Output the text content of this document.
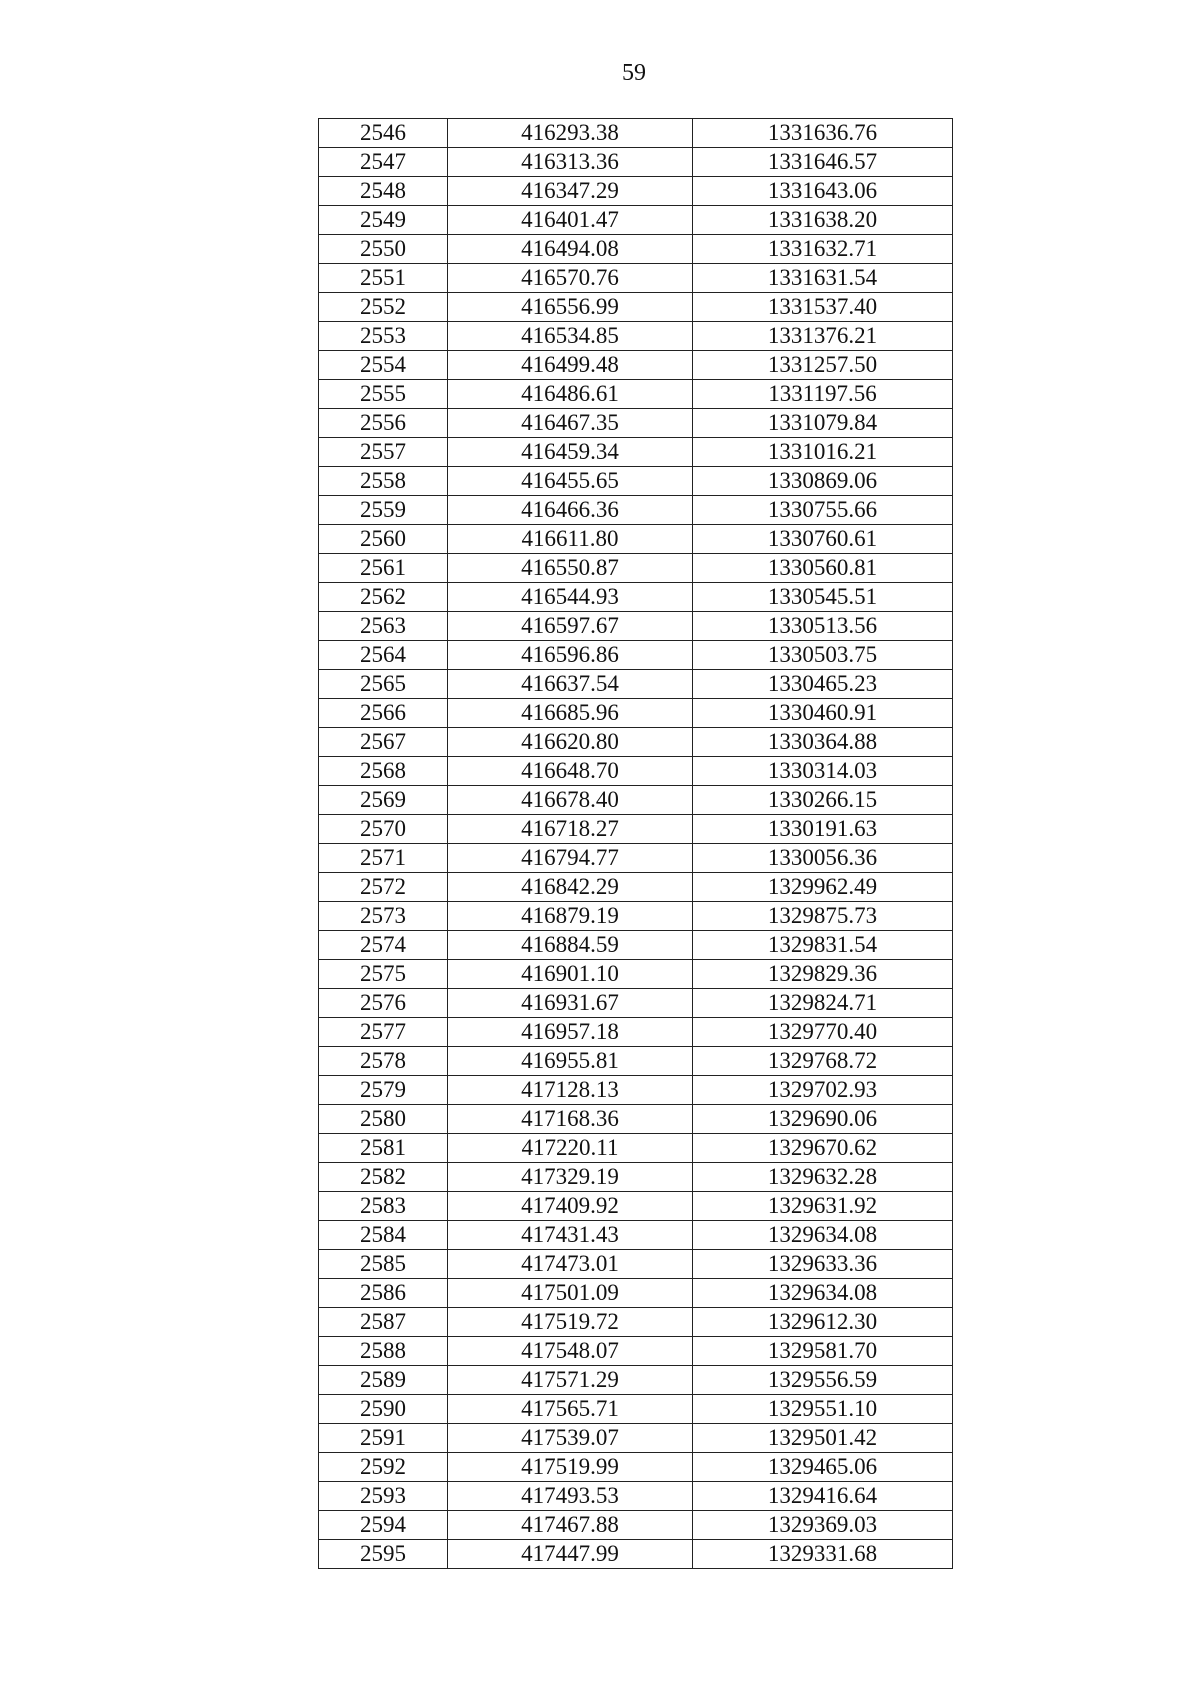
59
2546	416293.38	1331636.76
2547	416313.36	1331646.57
2548	416347.29	1331643.06
2549	416401.47	1331638.20
2550	416494.08	1331632.71
2551	416570.76	1331631.54
2552	416556.99	1331537.40
2553	416534.85	1331376.21
2554	416499.48	1331257.50
2555	416486.61	1331197.56
2556	416467.35	1331079.84
2557	416459.34	1331016.21
2558	416455.65	1330869.06
2559	416466.36	1330755.66
2560	416611.80	1330760.61
2561	416550.87	1330560.81
2562	416544.93	1330545.51
2563	416597.67	1330513.56
2564	416596.86	1330503.75
2565	416637.54	1330465.23
2566	416685.96	1330460.91
2567	416620.80	1330364.88
2568	416648.70	1330314.03
2569	416678.40	1330266.15
2570	416718.27	1330191.63
2571	416794.77	1330056.36
2572	416842.29	1329962.49
2573	416879.19	1329875.73
2574	416884.59	1329831.54
2575	416901.10	1329829.36
2576	416931.67	1329824.71
2577	416957.18	1329770.40
2578	416955.81	1329768.72
2579	417128.13	1329702.93
2580	417168.36	1329690.06
2581	417220.11	1329670.62
2582	417329.19	1329632.28
2583	417409.92	1329631.92
2584	417431.43	1329634.08
2585	417473.01	1329633.36
2586	417501.09	1329634.08
2587	417519.72	1329612.30
2588	417548.07	1329581.70
2589	417571.29	1329556.59
2590	417565.71	1329551.10
2591	417539.07	1329501.42
2592	417519.99	1329465.06
2593	417493.53	1329416.64
2594	417467.88	1329369.03
2595	417447.99	1329331.68
